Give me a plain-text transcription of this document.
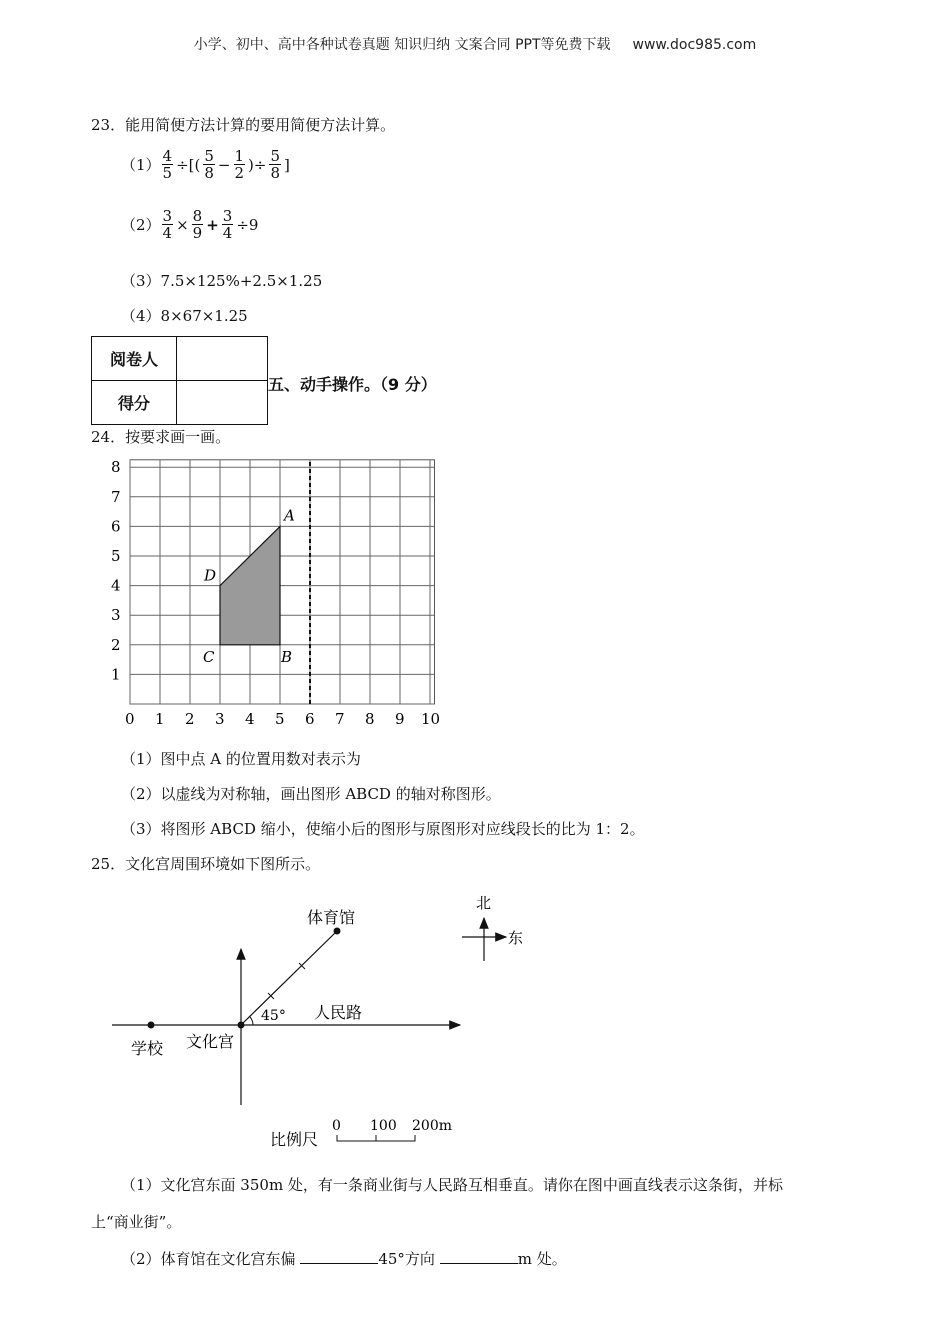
小学、初中、高中各种试卷真题 知识归纳 文案合同 PPT等免费下载 www.doc985.com
23．能用简便方法计算的要用简便方法计算。
$(1) \frac{4}{5}$ ÷[( $\frac{5}{8} - \frac{1}{2}$ )÷ $\frac{5}{8}$ ]
$(2) \frac{3}{4} \times \frac{8}{9} + \frac{3}{4} \div 9$
（3）7.5×125%+2.5×1.25
（4）8×67×1.25
阅卷人	
得分	
五、动手操作。（9 分）
24．按要求画一画。
A
B
C
D
0 1 2 3 4 5 6 7 8 9 10
1
2
3
4
5
6
7
8
（1）图中点 A 的位置用数对表示为
（2）以虚线为对称轴，画出图形 ABCD 的轴对称图形。
（3）将图形 ABCD 缩小，使缩小后的图形与原图形对应线段长的比为 1：2。
25．文化宫周围环境如下图所示。
体育馆
45° 人民路
学校 文化宫
北
东
比例尺
0 100 200m
（1）文化宫东面 350m 处，有一条商业街与人民路互相垂直。请你在图中画直线表示这条街，并标
上“商业街”。
（2）体育馆在文化宫东偏	45°方向	m 处。
